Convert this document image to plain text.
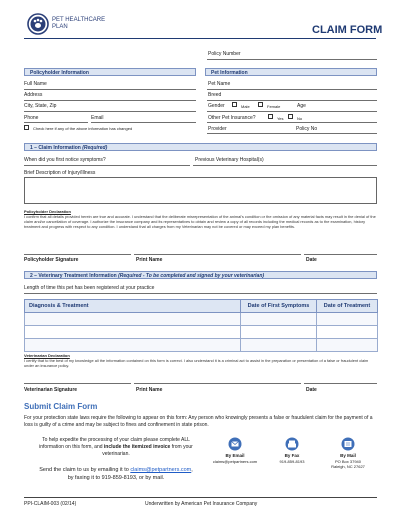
PET HEALTHCARE
PLAN	CLAIM FORM
Policy Number
Policyholder Information	Pet Information
Full Name
Address
City, State, Zip
Phone	Email
Check here if any of the above information has changed
Pet Name
Breed
Gender	Male	Female	Age
Other Pet Insurance?	Yes	No
Provider	Policy No
1 – Claim Information (Required)
When did you first notice symptoms?	Previous Veterinary Hospital(s)
Brief Description of Injury/Illness
Policyholder Declaration
I confirm that all details provided herein are true and accurate. I understand that the deliberate misrepresentation of the animal's condition or the omission of any material facts may result in the denial of the claim and/or cancellation of coverage. I authorize the insurance company and its representatives to obtain and review a copy of all records including the medical records as to the examination, history treatment and progress with respect to any condition. I understand that all charges from my Veterinarian may not be covered or may exceed my plan benefits.
Policyholder Signature	Print Name	Date
2 – Veterinary Treatment Information (Required - To be completed and signed by your veterinarian)
Length of time this pet has been registered at your practice
Diagnosis & Treatment	Date of First Symptoms	Date of Treatment

Veterinarian Declaration
I certify that to the best of my knowledge all the information contained on this form is correct. I also understand it is a criminal act to assist in the preparation or presentation of a false or fraudulent claim under an insurance policy.
Veterinarian Signature	Print Name	Date
Submit Claim Form
For your protection state laws require the following to appear on this form: Any person who knowingly presents a false or fraudulent claim for the payment of a loss is guilty of a crime and may be subject to fines and confinement in state prison.
To help expedite the processing of your claim please complete ALL
information on this form, and include the itemized invoice from your
veterinarian.
Send the claim to us by emailing it to claims@petpartners.com,
by faxing it to 919-859-8193, or by mail.
By Email
claims@petpartners.com
By Fax
919-859-8193
By Mail
PO Box 37940
Raleigh, NC 27627
PPI-CLAIM-003 (02/14)	Underwritten by American Pet Insurance Company
